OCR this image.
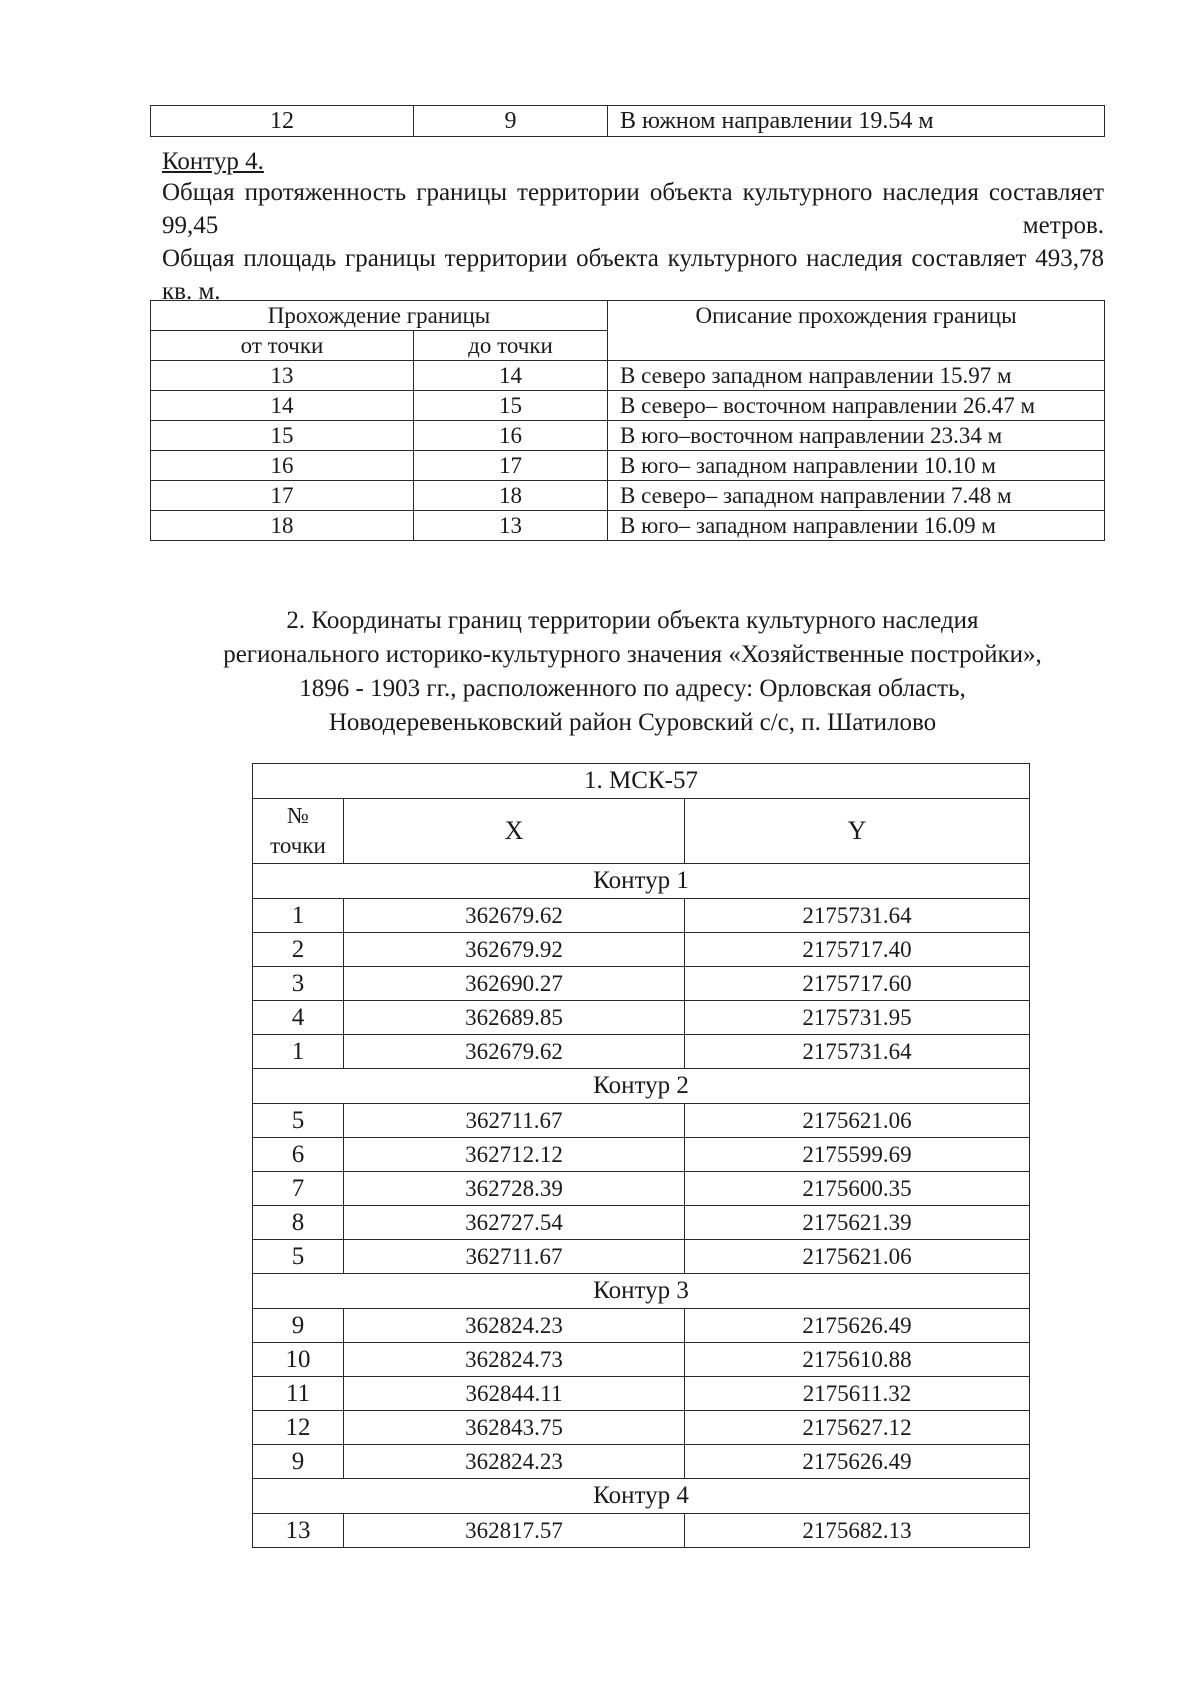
12	9	В южном направлении 19.54 м
Контур 4.
Общая протяженность границы территории объекта культурного наследия составляет 99,45 метров.
Общая площадь границы территории объекта культурного наследия составляет 493,78 кв. м.
Прохождение границы		Описание прохождения границы
от точки	до точки	
13	14	В северо западном направлении 15.97 м
14	15	В северо– восточном направлении 26.47 м
15	16	В юго–восточном направлении 23.34 м
16	17	В юго– западном направлении 10.10 м
17	18	В северо– западном направлении 7.48 м
18	13	В юго– западном направлении 16.09 м
2. Координаты границ территории объекта культурного наследия
регионального историко-культурного значения «Хозяйственные постройки»,
1896 - 1903 гг., расположенного по адресу: Орловская область,
Новодеревеньковский район Суровский с/с, п. Шатилово
1. МСК-57		

№
точки	X	Y
Контур 1		
1	362679.62	2175731.64
2	362679.92	2175717.40
3	362690.27	2175717.60
4	362689.85	2175731.95
1	362679.62	2175731.64
Контур 2		
5	362711.67	2175621.06
6	362712.12	2175599.69
7	362728.39	2175600.35
8	362727.54	2175621.39
5	362711.67	2175621.06
Контур 3		
9	362824.23	2175626.49
10	362824.73	2175610.88
11	362844.11	2175611.32
12	362843.75	2175627.12
9	362824.23	2175626.49
Контур 4		
13	362817.57	2175682.13
